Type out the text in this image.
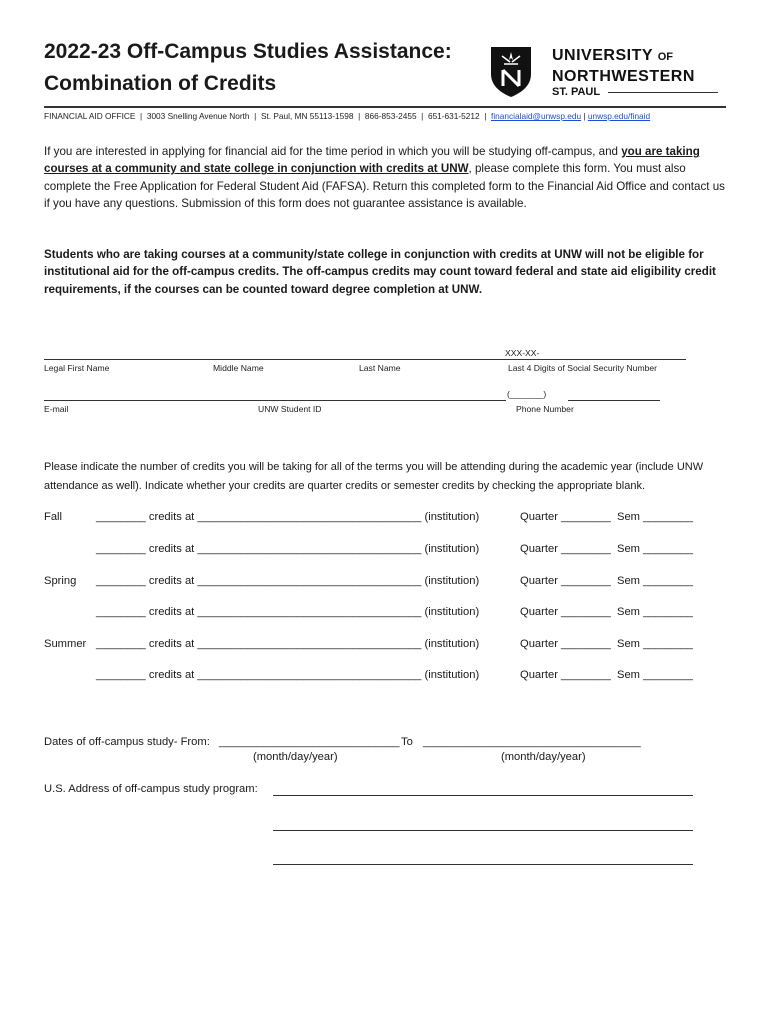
2022-23 Off-Campus Studies Assistance:
Combination of Credits
UNIVERSITY OF
NORTHWESTERN
ST. PAUL
FINANCIAL AID OFFICE  |  3003 Snelling Avenue North  |  St. Paul, MN 55113-1598  |  866-853-2455  |  651-631-5212  |  financialaid@unwsp.edu | unwsp.edu/finaid
If you are interested in applying for financial aid for the time period in which you will be studying off-campus, and you are taking courses at a community and state college in conjunction with credits at UNW, please complete this form. You must also complete the Free Application for Federal Student Aid (FAFSA). Return this completed form to the Financial Aid Office and contact us if you have any questions. Submission of this form does not guarantee assistance is available.
Students who are taking courses at a community/state college in conjunction with credits at UNW will not be eligible for institutional aid for the off-campus credits. The off-campus credits may count toward federal and state aid eligibility credit requirements, if the courses can be counted toward degree completion at UNW.
XXX-XX-
Legal First Name	Middle Name	Last Name	Last 4 Digits of Social Security Number
(_______)
E-mail	UNW Student ID	Phone Number
Please indicate the number of credits you will be taking for all of the terms you will be attending during the academic year (include UNW attendance as well). Indicate whether your credits are quarter credits or semester credits by checking the appropriate blank.
Fall	________ credits at ____________________________________ (institution)	Quarter ________ Sem ________
________ credits at ____________________________________ (institution)	Quarter ________ Sem ________
Spring ________ credits at ____________________________________ (institution)	Quarter ________ Sem ________
________ credits at ____________________________________ (institution)	Quarter ________ Sem ________
Summer ________ credits at ____________________________________ (institution)	Quarter ________ Sem ________
________ credits at ____________________________________ (institution)	Quarter ________ Sem ________
Dates of off-campus study- From: _____________________________ To ___________________________________
(month/day/year)	(month/day/year)
U.S. Address of off-campus study program:
